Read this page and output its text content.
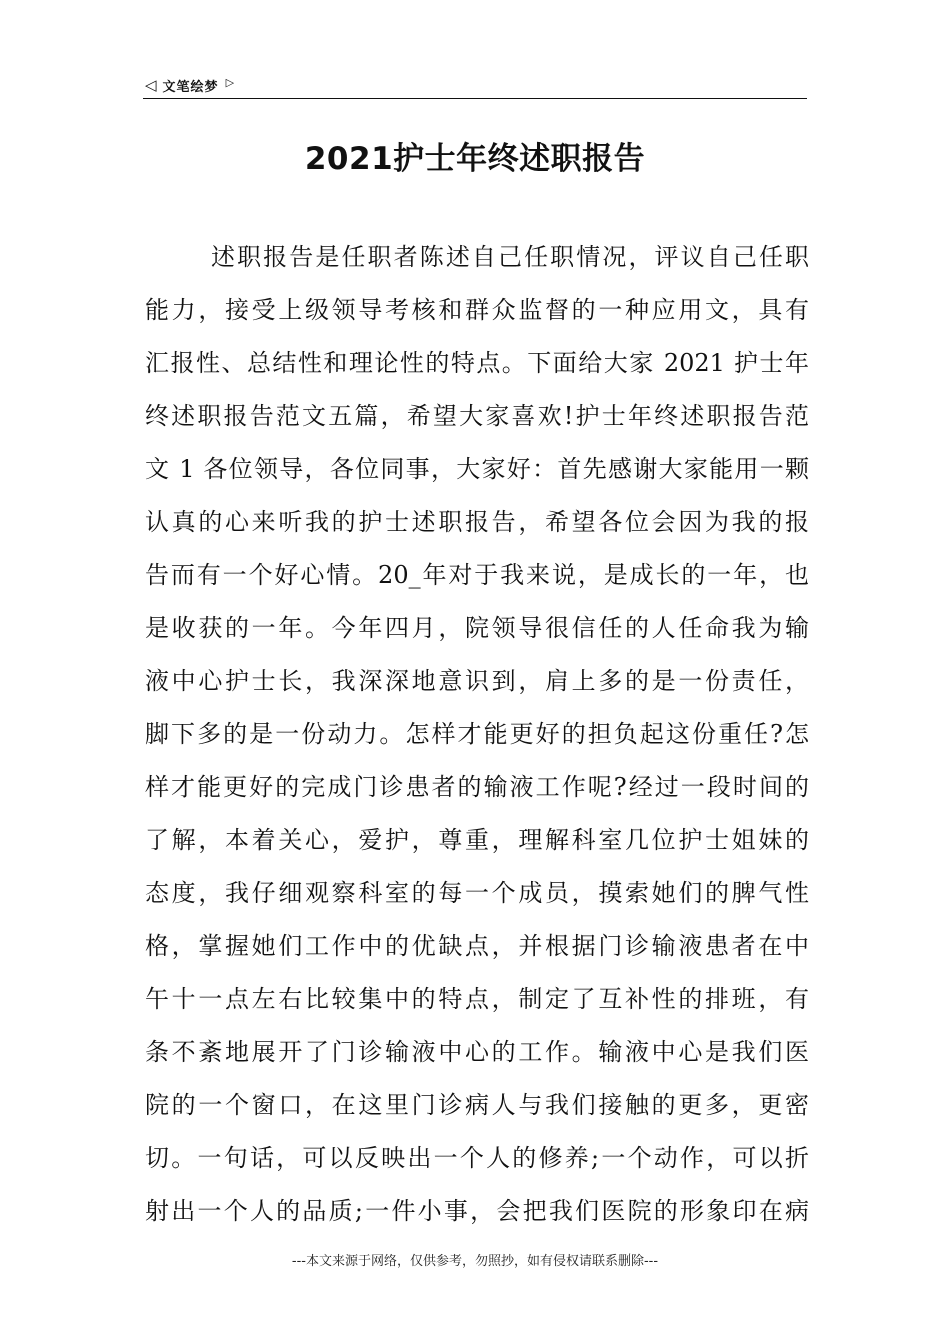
◁ 文笔绘梦 ▷
2021护士年终述职报告
述职报告是任职者陈述自己任职情况，评议自己任职
能力，接受上级领导考核和群众监督的一种应用文，具有
汇报性、总结性和理论性的特点。下面给大家 2021 护士年
终述职报告范文五篇，希望大家喜欢!护士年终述职报告范
文 1 各位领导，各位同事，大家好：首先感谢大家能用一颗
认真的心来听我的护士述职报告，希望各位会因为我的报
告而有一个好心情。20_年对于我来说，是成长的一年，也
是收获的一年。今年四月，院领导很信任的人任命我为输
液中心护士长，我深深地意识到，肩上多的是一份责任，
脚下多的是一份动力。怎样才能更好的担负起这份重任?怎
样才能更好的完成门诊患者的输液工作呢?经过一段时间的
了解，本着关心，爱护，尊重，理解科室几位护士姐妹的
态度，我仔细观察科室的每一个成员，摸索她们的脾气性
格，掌握她们工作中的优缺点，并根据门诊输液患者在中
午十一点左右比较集中的特点，制定了互补性的排班，有
条不紊地展开了门诊输液中心的工作。输液中心是我们医
院的一个窗口，在这里门诊病人与我们接触的更多，更密
切。一句话，可以反映出一个人的修养;一个动作，可以折
射出一个人的品质;一件小事，会把我们医院的形象印在病
---本文来源于网络，仅供参考，勿照抄，如有侵权请联系删除---
